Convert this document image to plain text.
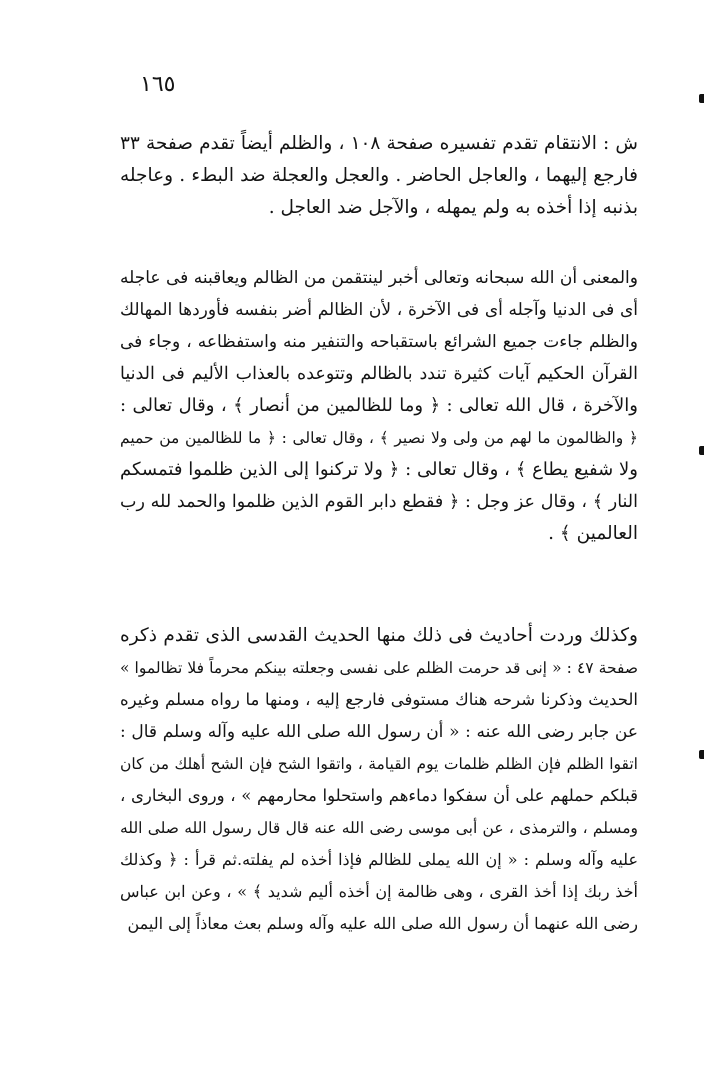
١٦٥
ش : الانتقام تقدم تفسيره صفحة ١٠٨ ، والظلم أيضاً تقدم صفحة ٣٣
فارجع إليهما ، والعاجل الحاضر . والعجل والعجلة ضد البطء . وعاجله
بذنبه إذا أخذه به ولم يمهله ، والآجل ضد العاجل .
والمعنى أن الله سبحانه وتعالى أخبر لينتقمن من الظالم ويعاقبنه فى عاجله
أى فى الدنيا وآجله أى فى الآخرة ، لأن الظالم أضر بنفسه فأوردها المهالك
والظلم جاءت جميع الشرائع باستقباحه والتنفير منه واستفظاعه ، وجاء فى
القرآن الحكيم آيات كثيرة تندد بالظالم وتتوعده بالعذاب الأليم فى الدنيا
والآخرة ، قال الله تعالى : ﴿ وما للظالمين من أنصار ﴾ ، وقال تعالى :
﴿ والظالمون ما لهم من ولى ولا نصير ﴾ ، وقال تعالى : ﴿ ما للظالمين من حميم
ولا شفيع يطاع ﴾ ، وقال تعالى : ﴿ ولا تركنوا إلى الذين ظلموا فتمسكم
النار ﴾ ، وقال عز وجل : ﴿ فقطع دابر القوم الذين ظلموا والحمد لله رب
العالمين ﴾ .
وكذلك وردت أحاديث فى ذلك منها الحديث القدسى الذى تقدم ذكره
صفحة ٤٧ : « إنى قد حرمت الظلم على نفسى وجعلته بينكم محرماً فلا تظالموا »
الحديث وذكرنا شرحه هناك مستوفى فارجع إليه ، ومنها ما رواه مسلم وغيره
عن جابر رضى الله عنه : « أن رسول الله صلى الله عليه وآله وسلم قال :
اتقوا الظلم فإن الظلم ظلمات يوم القيامة ، واتقوا الشح فإن الشح أهلك من كان
قبلكم حملهم على أن سفكوا دماءهم واستحلوا محارمهم » ، وروى البخارى ،
ومسلم ، والترمذى ، عن أبى موسى رضى الله عنه قال قال رسول الله صلى الله
عليه وآله وسلم : « إن الله يملى للظالم فإذا أخذه لم يفلته.ثم قرأ : ﴿ وكذلك
أخذ ربك إذا أخذ القرى ، وهى ظالمة إن أخذه أليم شديد ﴾ » ، وعن ابن عباس
رضى الله عنهما أن رسول الله صلى الله عليه وآله وسلم بعث معاذاً إلى اليمن
